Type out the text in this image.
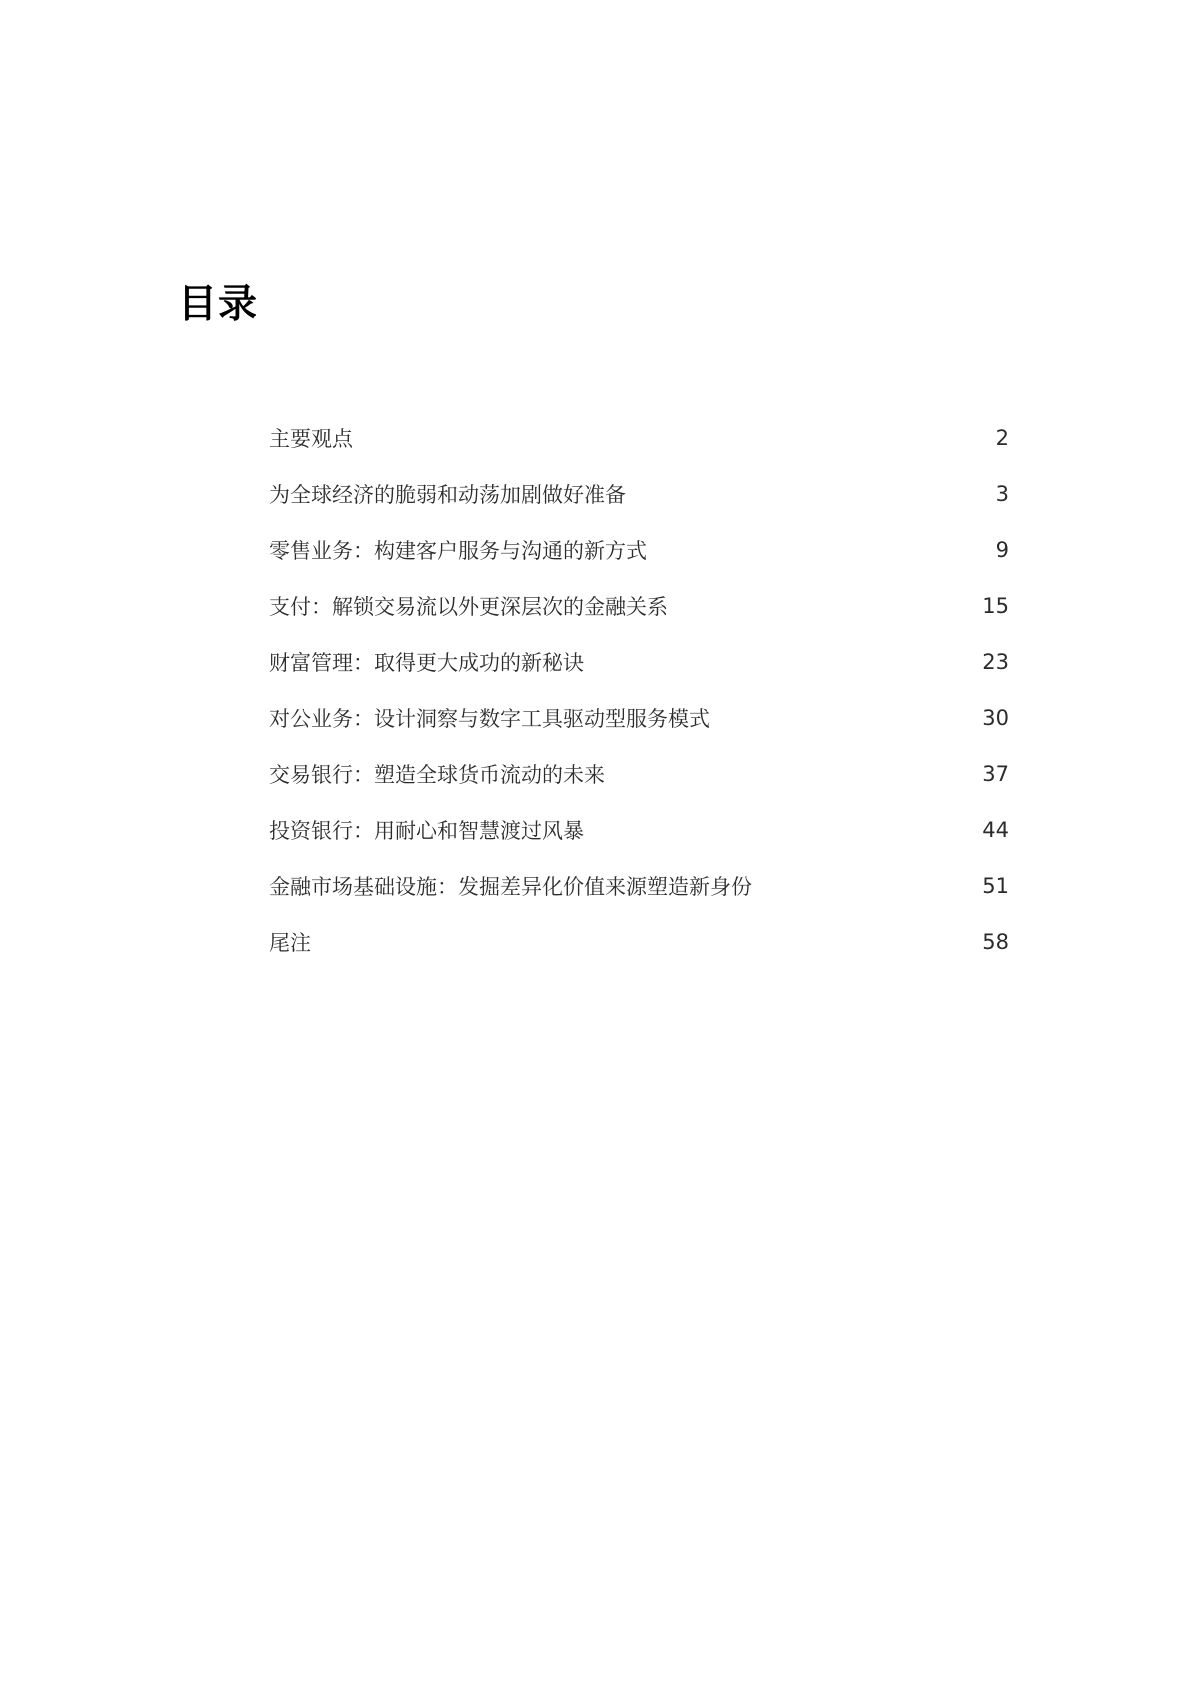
目录
主要观点	2
为全球经济的脆弱和动荡加剧做好准备	3
零售业务：构建客户服务与沟通的新方式	9
支付：解锁交易流以外更深层次的金融关系	15
财富管理：取得更大成功的新秘诀	23
对公业务：设计洞察与数字工具驱动型服务模式	30
交易银行：塑造全球货币流动的未来	37
投资银行：用耐心和智慧渡过风暴	44
金融市场基础设施：发掘差异化价值来源塑造新身份	51
尾注	58
